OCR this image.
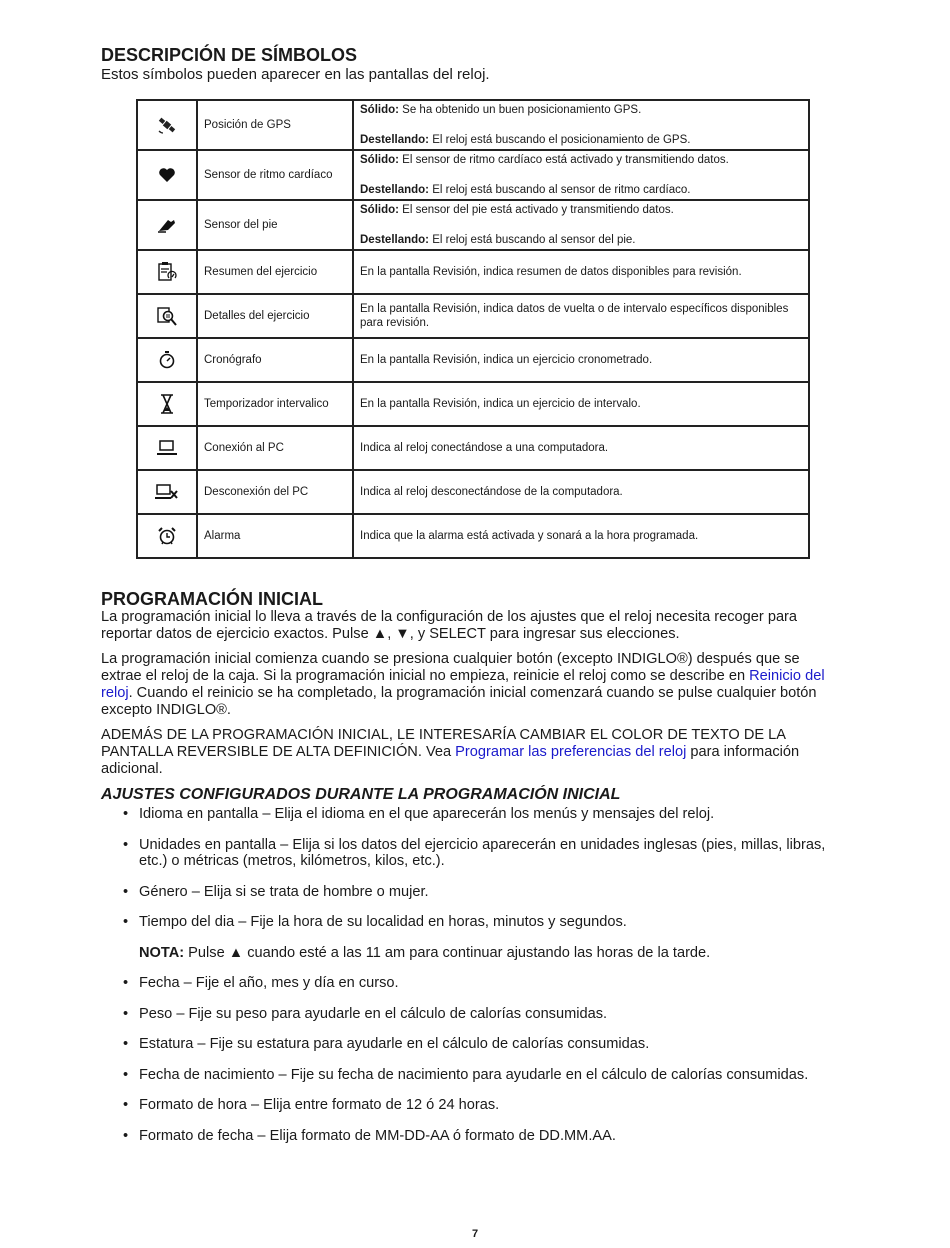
DESCRIPCIÓN DE SÍMBOLOS

Estos símbolos pueden aparecer en las pantallas del reloj.

	Posición de GPS	Sólido: Se ha obtenido un buen posicionamiento GPS.

Destellando: El reloj está buscando el posicionamiento de GPS.

	Sensor de ritmo cardíaco	Sólido: El sensor de ritmo cardíaco está activado y transmitiendo datos.

Destellando: El reloj está buscando al sensor de ritmo cardíaco.

	Sensor del pie	Sólido: El sensor del pie está activado y transmitiendo datos.

Destellando: El reloj está buscando al sensor del pie.

	Resumen del ejercicio	En la pantalla Revisión, indica resumen de datos disponibles para revisión.

	Detalles del ejercicio	En la pantalla Revisión, indica datos de vuelta o de intervalo específicos disponibles para revisión.

	Cronógrafo	En la pantalla Revisión, indica un ejercicio cronometrado.

	Temporizador intervalico	En la pantalla Revisión, indica un ejercicio de intervalo.

	Conexión al PC	Indica al reloj conectándose a una computadora.

	Desconexión del PC	Indica al reloj desconectándose de la computadora.

	Alarma	Indica que la alarma está activada y sonará a la hora programada.

PROGRAMACIÓN INICIAL

La programación inicial lo lleva a través de la configuración de los ajustes que el reloj necesita recoger para reportar datos de ejercicio exactos. Pulse ▲, ▼, y SELECT para ingresar sus elecciones.

La programación inicial comienza cuando se presiona cualquier botón (excepto INDIGLO®) después que se extrae el reloj de la caja. Si la programación inicial no empieza, reinicie el reloj como se describe en Reinicio del reloj. Cuando el reinicio se ha completado, la programación inicial comenzará cuando se pulse cualquier botón excepto INDIGLO®.

ADEMÁS DE LA PROGRAMACIÓN INICIAL, LE INTERESARÍA CAMBIAR EL COLOR DE TEXTO DE LA PANTALLA REVERSIBLE DE ALTA DEFINICIÓN. Vea Programar las preferencias del reloj para información adicional.

AJUSTES CONFIGURADOS DURANTE LA PROGRAMACIÓN INICIAL
• Idioma en pantalla – Elija el idioma en el que aparecerán los menús y mensajes del reloj.
• Unidades en pantalla – Elija si los datos del ejercicio aparecerán en unidades inglesas (pies, millas, libras, etc.) o métricas (metros, kilómetros, kilos, etc.).
• Género – Elija si se trata de hombre o mujer.
• Tiempo del dia – Fije la hora de su localidad en horas, minutos y segundos.
NOTA: Pulse ▲ cuando esté a las 11 am para continuar ajustando las horas de la tarde.
• Fecha – Fije el año, mes y día en curso.
• Peso – Fije su peso para ayudarle en el cálculo de calorías consumidas.
• Estatura – Fije su estatura para ayudarle en el cálculo de calorías consumidas.
• Fecha de nacimiento – Fije su fecha de nacimiento para ayudarle en el cálculo de calorías consumidas.
• Formato de hora – Elija entre formato de 12 ó 24 horas.
• Formato de fecha – Elija formato de MM-DD-AA ó formato de DD.MM.AA.
7
